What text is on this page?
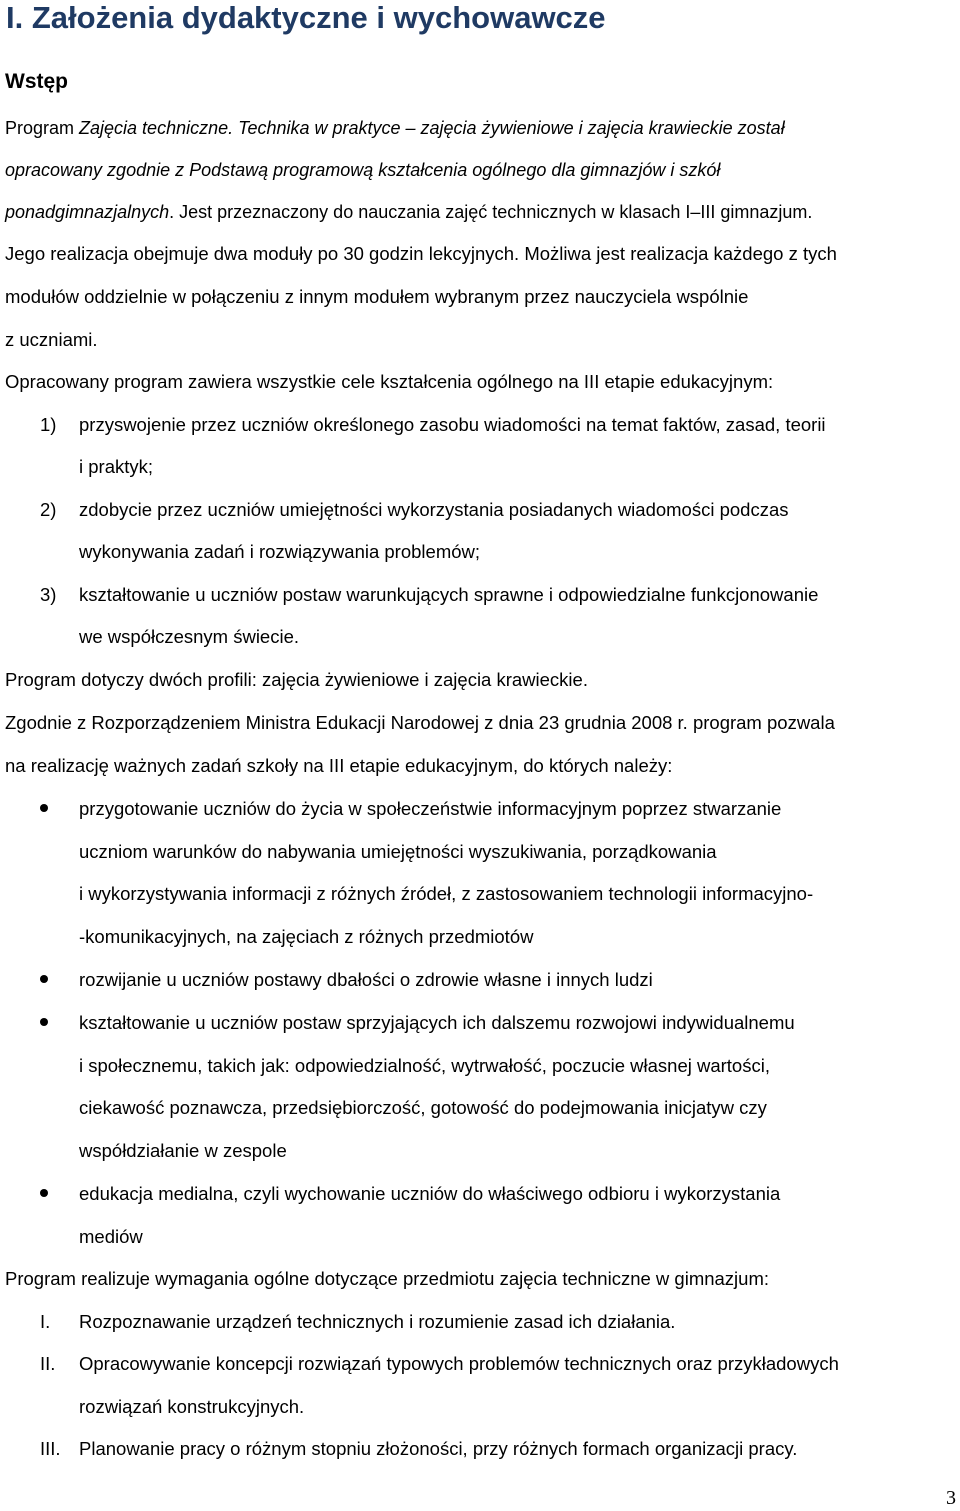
I. Założenia dydaktyczne i wychowawcze
Wstęp
Program Zajęcia techniczne. Technika w praktyce – zajęcia żywieniowe i zajęcia krawieckie został
opracowany zgodnie z Podstawą programową kształcenia ogólnego dla gimnazjów i szkół
ponadgimnazjalnych. Jest przeznaczony do nauczania zajęć technicznych w klasach I–III gimnazjum.
Jego realizacja obejmuje dwa moduły po 30 godzin lekcyjnych. Możliwa jest realizacja każdego z tych
modułów oddzielnie w połączeniu z innym modułem wybranym przez nauczyciela wspólnie
z uczniami.
Opracowany program zawiera wszystkie cele kształcenia ogólnego na III etapie edukacyjnym:
1) przyswojenie przez uczniów określonego zasobu wiadomości na temat faktów, zasad, teorii
i praktyk;
2) zdobycie przez uczniów umiejętności wykorzystania posiadanych wiadomości podczas
wykonywania zadań i rozwiązywania problemów;
3) kształtowanie u uczniów postaw warunkujących sprawne i odpowiedzialne funkcjonowanie
we współczesnym świecie.
Program dotyczy dwóch profili: zajęcia żywieniowe i zajęcia krawieckie.
Zgodnie z Rozporządzeniem Ministra Edukacji Narodowej z dnia 23 grudnia 2008 r. program pozwala
na realizację ważnych zadań szkoły na III etapie edukacyjnym, do których należy:
przygotowanie uczniów do życia w społeczeństwie informacyjnym poprzez stwarzanie
uczniom warunków do nabywania umiejętności wyszukiwania, porządkowania
i wykorzystywania informacji z różnych źródeł, z zastosowaniem technologii informacyjno-
-komunikacyjnych, na zajęciach z różnych przedmiotów
rozwijanie u uczniów postawy dbałości o zdrowie własne i innych ludzi
kształtowanie u uczniów postaw sprzyjających ich dalszemu rozwojowi indywidualnemu
i społecznemu, takich jak: odpowiedzialność, wytrwałość, poczucie własnej wartości,
ciekawość poznawcza, przedsiębiorczość, gotowość do podejmowania inicjatyw czy
współdziałanie w zespole
edukacja medialna, czyli wychowanie uczniów do właściwego odbioru i wykorzystania
mediów
Program realizuje wymagania ogólne dotyczące przedmiotu zajęcia techniczne w gimnazjum:
I. Rozpoznawanie urządzeń technicznych i rozumienie zasad ich działania.
II. Opracowywanie koncepcji rozwiązań typowych problemów technicznych oraz przykładowych
rozwiązań konstrukcyjnych.
III. Planowanie pracy o różnym stopniu złożoności, przy różnych formach organizacji pracy.
3
